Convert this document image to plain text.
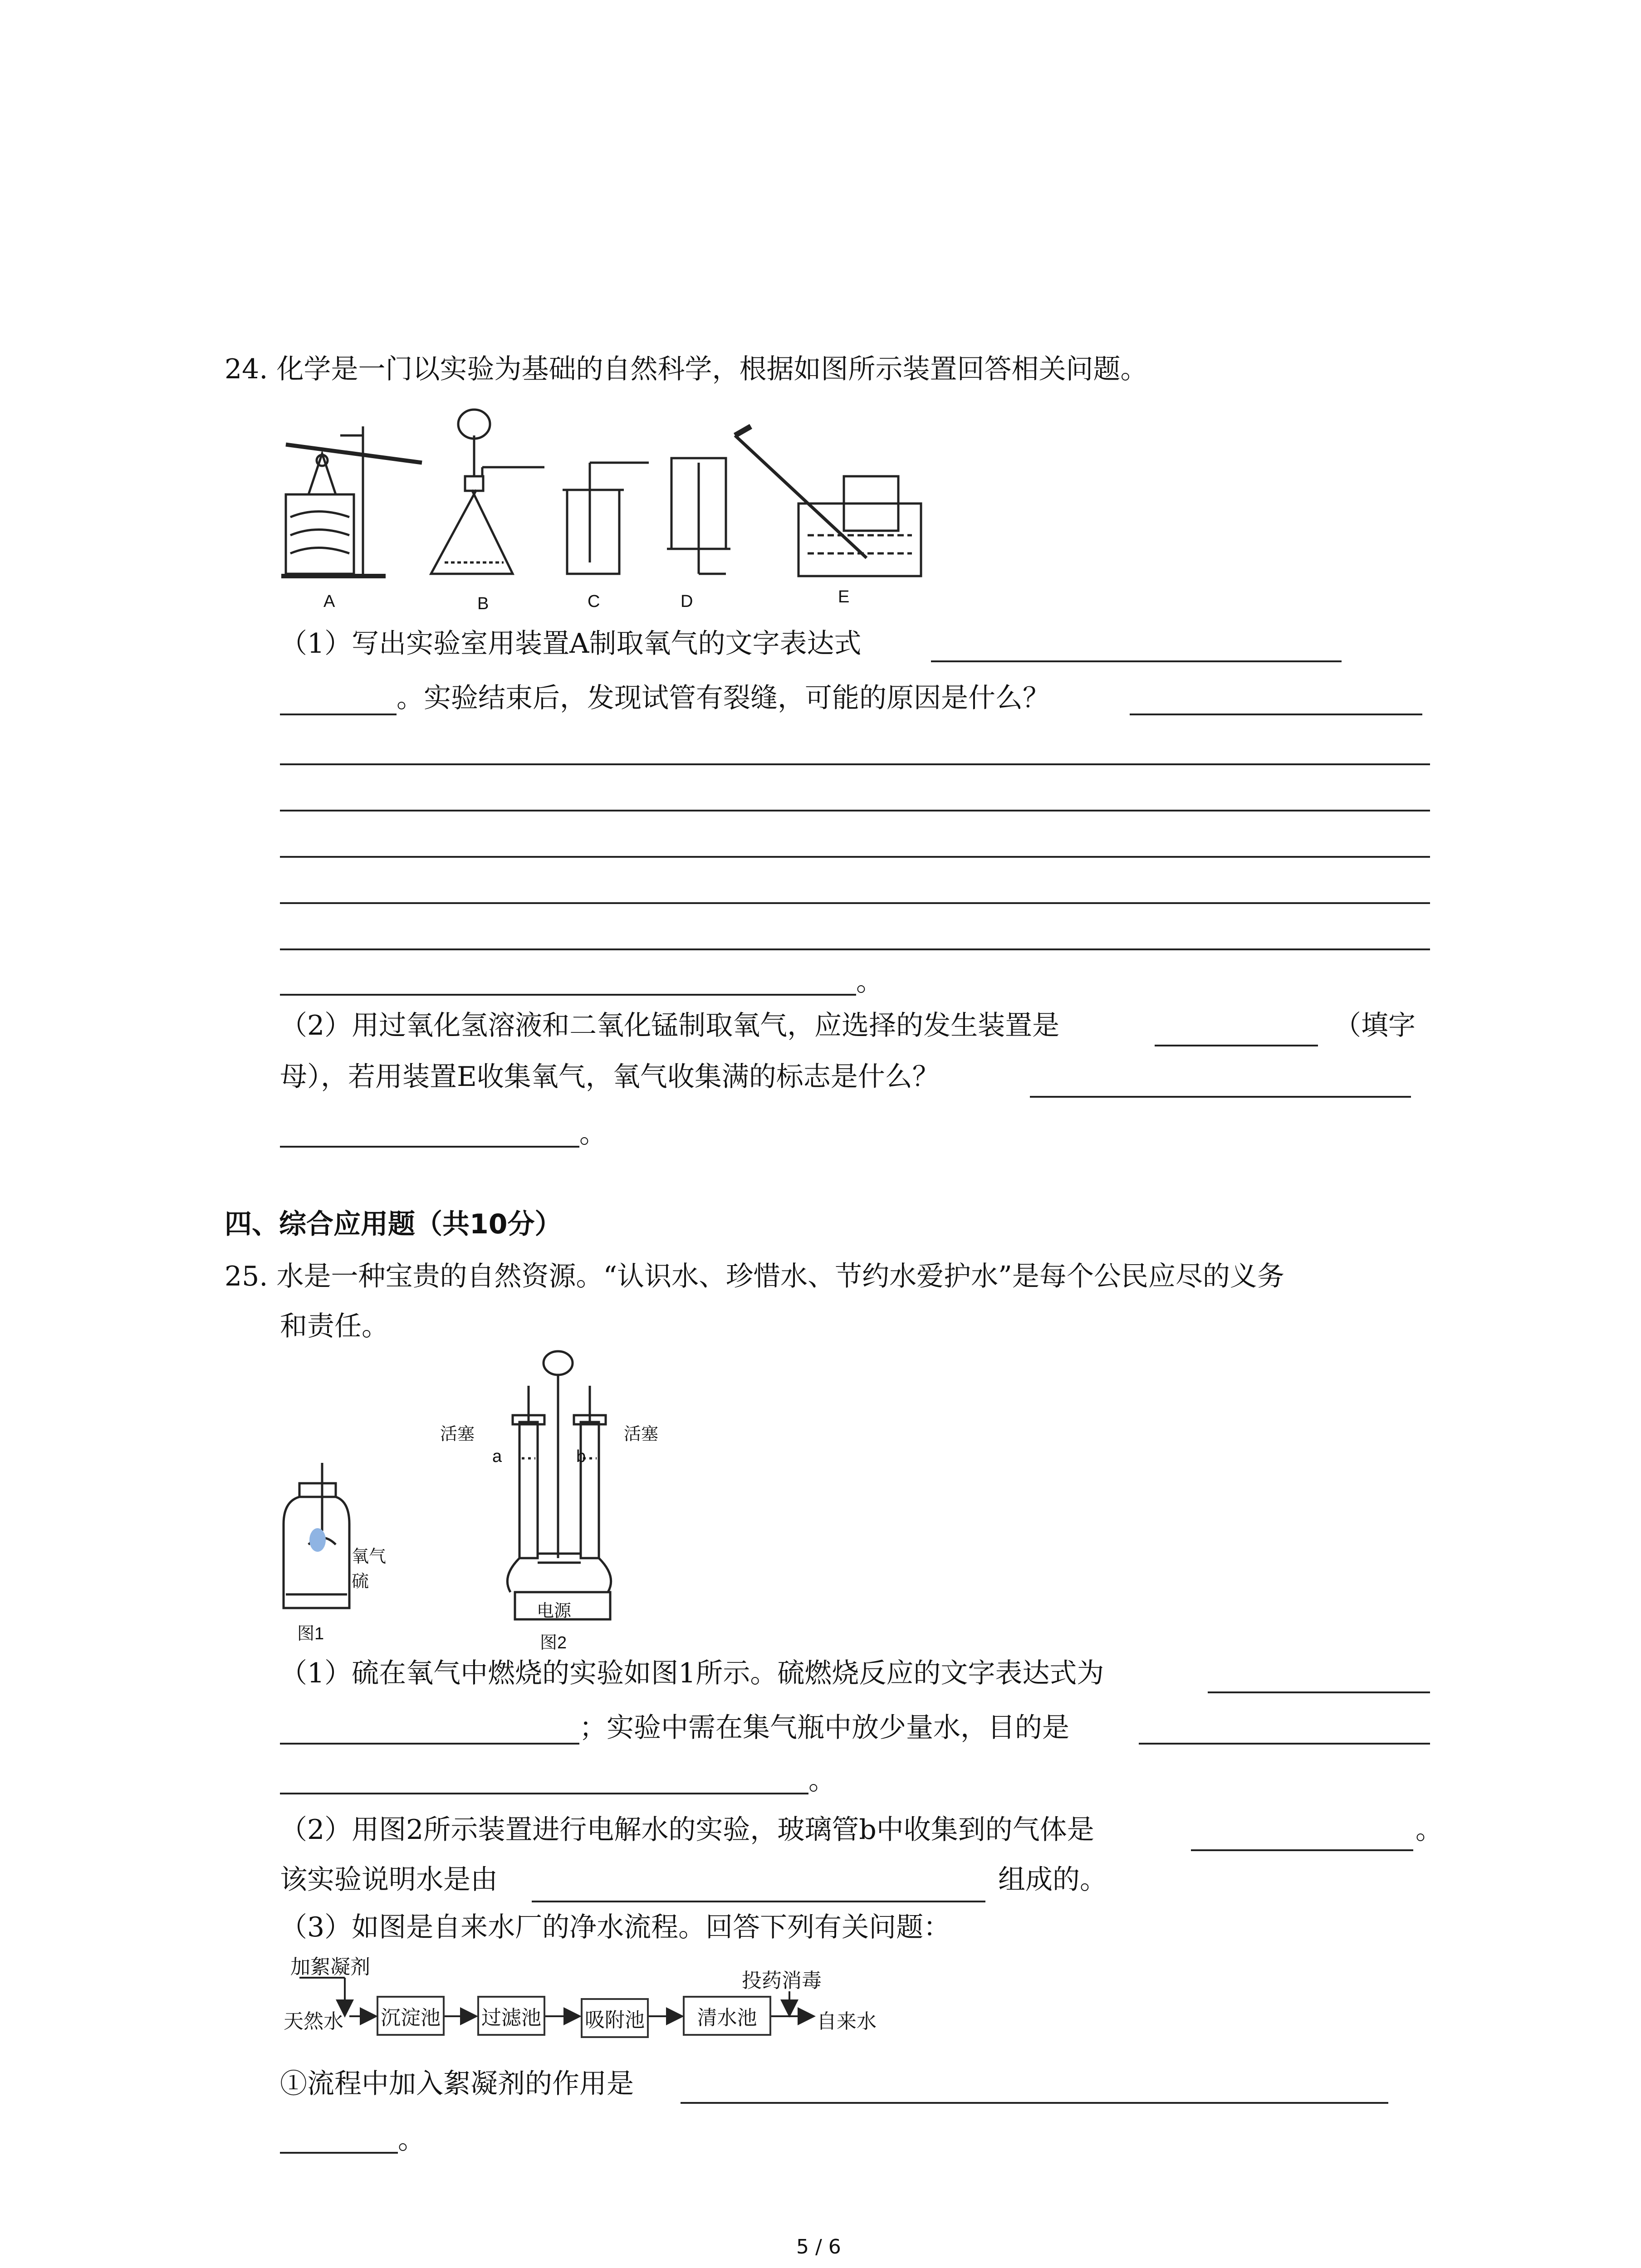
24. 化学是一门以实验为基础的自然科学，根据如图所示装置回答相关问题。
A	B	C	D	E
（1）写出实验室用装置A制取氧气的文字表达式
。实验结束后，发现试管有裂缝，可能的原因是什么？
。
（2）用过氧化氢溶液和二氧化锰制取氧气，应选择的发生装置是	（填字
母），若用装置E收集氧气，氧气收集满的标志是什么？
。
四、综合应用题（共10分）
25. 水是一种宝贵的自然资源。“认识水、珍惜水、节约水爱护水”是每个公民应尽的义务
和责任。
氧气
硫
图1
活塞	活塞
a	b
电源
图2
（1）硫在氧气中燃烧的实验如图1所示。硫燃烧反应的文字表达式为
；实验中需在集气瓶中放少量水，目的是
。
（2）用图2所示装置进行电解水的实验，玻璃管b中收集到的气体是	。
该实验说明水是由	组成的。
（3）如图是自来水厂的净水流程。回答下列有关问题：
加絮凝剂
天然水 沉淀池 过滤池 吸附池	清水池
投药消毒
自来水
①流程中加入絮凝剂的作用是
。
5 / 6
